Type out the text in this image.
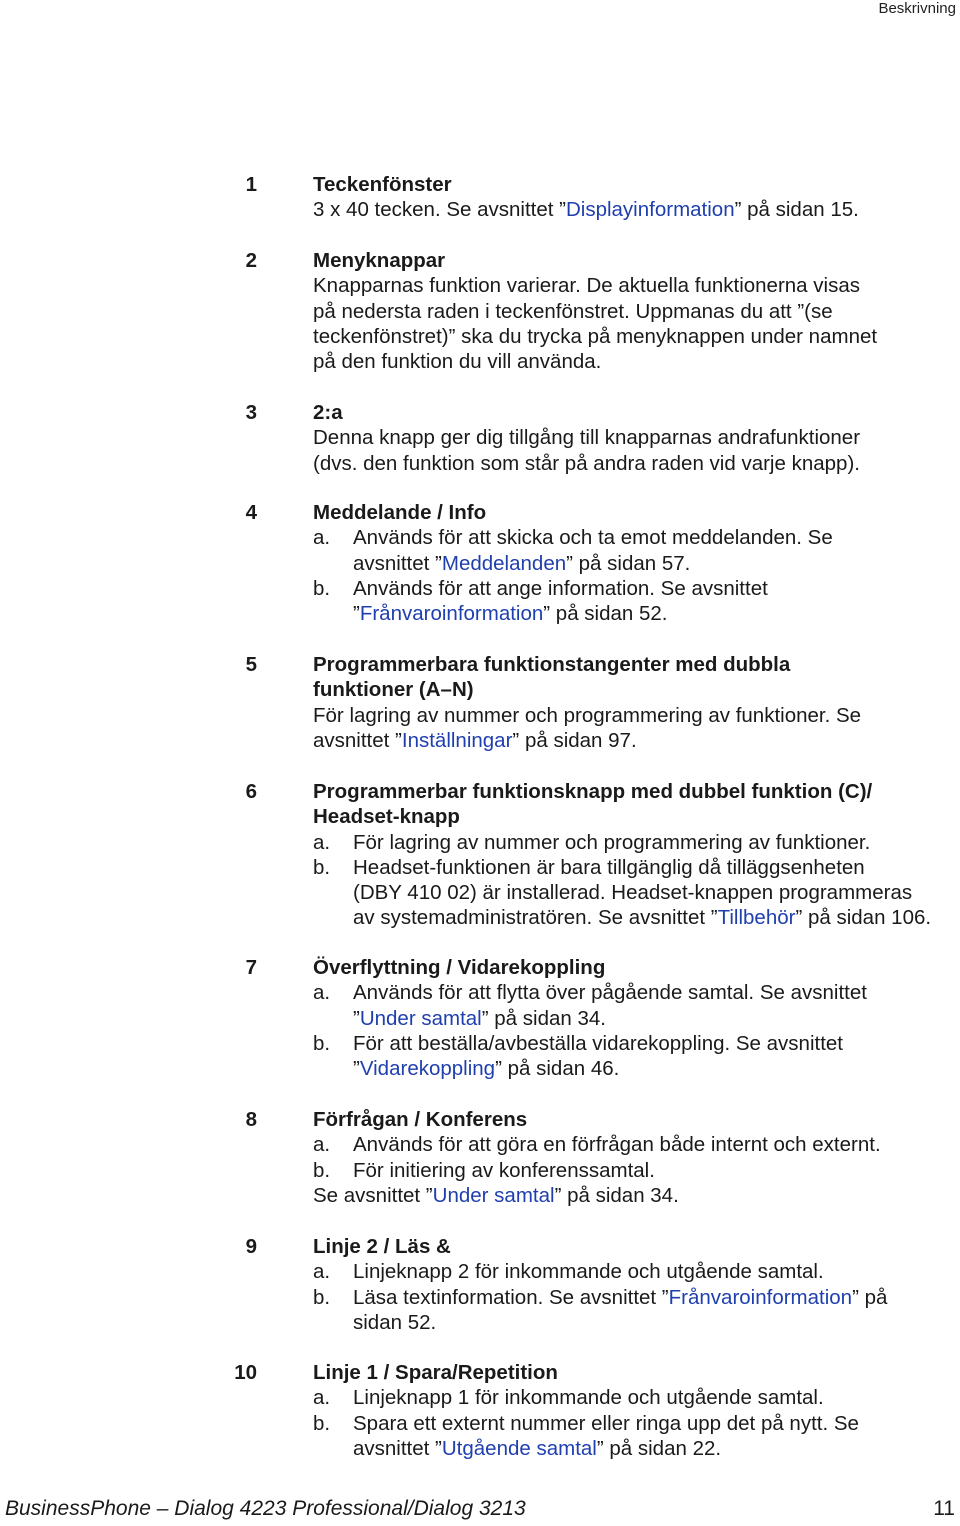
Beskrivning
1	Teckenfönster
3 x 40 tecken. Se avsnittet ”Displayinformation” på sidan 15.
2	Menyknappar
Knapparnas funktion varierar. De aktuella funktionerna visas
på nedersta raden i teckenfönstret. Uppmanas du att ”(se
teckenfönstret)” ska du trycka på menyknappen under namnet
på den funktion du vill använda.
3	2:a
Denna knapp ger dig tillgång till knapparnas andrafunktioner
(dvs. den funktion som står på andra raden vid varje knapp).
4	Meddelande / Info
a. Används för att skicka och ta emot meddelanden. Se
avsnittet ”Meddelanden” på sidan 57.
b. Används för att ange information. Se avsnittet
”Frånvaroinformation” på sidan 52.
5	Programmerbara funktionstangenter med dubbla
funktioner (A–N)
För lagring av nummer och programmering av funktioner. Se
avsnittet ”Inställningar” på sidan 97.
6	Programmerbar funktionsknapp med dubbel funktion (C)/
Headset-knapp
a. För lagring av nummer och programmering av funktioner.
b. Headset-funktionen är bara tillgänglig då tilläggsenheten
(DBY 410 02) är installerad. Headset-knappen programmeras
av systemadministratören. Se avsnittet ”Tillbehör” på sidan 106.
7	Överflyttning / Vidarekoppling
a. Används för att flytta över pågående samtal. Se avsnittet
”Under samtal” på sidan 34.
b. För att beställa/avbeställa vidarekoppling. Se avsnittet
”Vidarekoppling” på sidan 46.
8	Förfrågan / Konferens
a. Används för att göra en förfrågan både internt och externt.
b. För initiering av konferenssamtal.
Se avsnittet ”Under samtal” på sidan 34.
9	Linje 2 / Läs &
a. Linjeknapp 2 för inkommande och utgående samtal.
b. Läsa textinformation. Se avsnittet ”Frånvaroinformation” på
sidan 52.
10	Linje 1 / Spara/Repetition
a. Linjeknapp 1 för inkommande och utgående samtal.
b. Spara ett externt nummer eller ringa upp det på nytt. Se
avsnittet ”Utgående samtal” på sidan 22.
BusinessPhone – Dialog 4223 Professional/Dialog 3213	11
